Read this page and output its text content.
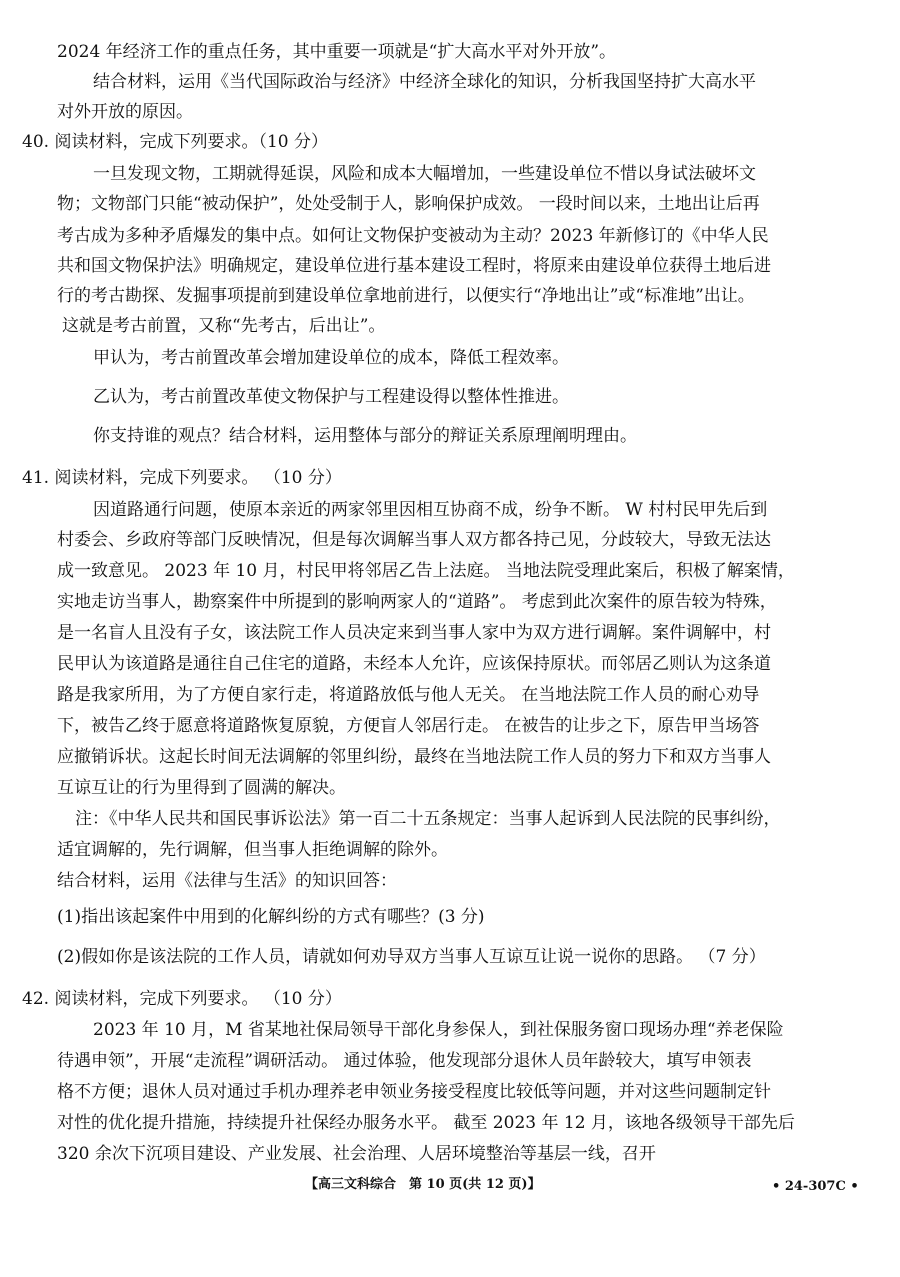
2024 年经济工作的重点任务，其中重要一项就是“扩大高水平对外开放”。
结合材料，运用《当代国际政治与经济》中经济全球化的知识，分析我国坚持扩大高水平
对外开放的原因。
40. 阅读材料，完成下列要求。（10 分）
一旦发现文物，工期就得延误，风险和成本大幅增加，一些建设单位不惜以身试法破坏文
物；文物部门只能“被动保护”，处处受制于人，影响保护成效。 一段时间以来，土地出让后再
考古成为多种矛盾爆发的集中点。如何让文物保护变被动为主动？2023 年新修订的《中华人民
共和国文物保护法》明确规定，建设单位进行基本建设工程时，将原来由建设单位获得土地后进
行的考古勘探、发掘事项提前到建设单位拿地前进行，以便实行“净地出让”或“标准地”出让。
这就是考古前置，又称“先考古，后出让”。
甲认为，考古前置改革会增加建设单位的成本，降低工程效率。
乙认为，考古前置改革使文物保护与工程建设得以整体性推进。
你支持谁的观点？结合材料，运用整体与部分的辩证关系原理阐明理由。
41. 阅读材料，完成下列要求。 （10 分）
因道路通行问题，使原本亲近的两家邻里因相互协商不成，纷争不断。 W 村村民甲先后到
村委会、乡政府等部门反映情况，但是每次调解当事人双方都各持己见，分歧较大，导致无法达
成一致意见。 2023 年 10 月，村民甲将邻居乙告上法庭。 当地法院受理此案后，积极了解案情，
实地走访当事人，勘察案件中所提到的影响两家人的“道路”。 考虑到此次案件的原告较为特殊，
是一名盲人且没有子女，该法院工作人员决定来到当事人家中为双方进行调解。案件调解中，村
民甲认为该道路是通往自己住宅的道路，未经本人允许，应该保持原状。而邻居乙则认为这条道
路是我家所用，为了方便自家行走，将道路放低与他人无关。 在当地法院工作人员的耐心劝导
下，被告乙终于愿意将道路恢复原貌，方便盲人邻居行走。 在被告的让步之下，原告甲当场答
应撤销诉状。这起长时间无法调解的邻里纠纷，最终在当地法院工作人员的努力下和双方当事人
互谅互让的行为里得到了圆满的解决。
注：《中华人民共和国民事诉讼法》第一百二十五条规定：当事人起诉到人民法院的民事纠纷，
适宜调解的，先行调解，但当事人拒绝调解的除外。
结合材料，运用《法律与生活》的知识回答：
(1)指出该起案件中用到的化解纠纷的方式有哪些？(3 分)
(2)假如你是该法院的工作人员，请就如何劝导双方当事人互谅互让说一说你的思路。 （7 分）
42. 阅读材料，完成下列要求。 （10 分）
2023 年 10 月，M 省某地社保局领导干部化身参保人，到社保服务窗口现场办理“养老保险
待遇申领”，开展“走流程”调研活动。 通过体验，他发现部分退休人员年龄较大，填写申领表
格不方便；退休人员对通过手机办理养老申领业务接受程度比较低等问题，并对这些问题制定针
对性的优化提升措施，持续提升社保经办服务水平。 截至 2023 年 12 月，该地各级领导干部先后
320 余次下沉项目建设、产业发展、社会治理、人居环境整治等基层一线，召开
【高三文科综合　第 10 页(共 12 页)】	• 24-307C •
